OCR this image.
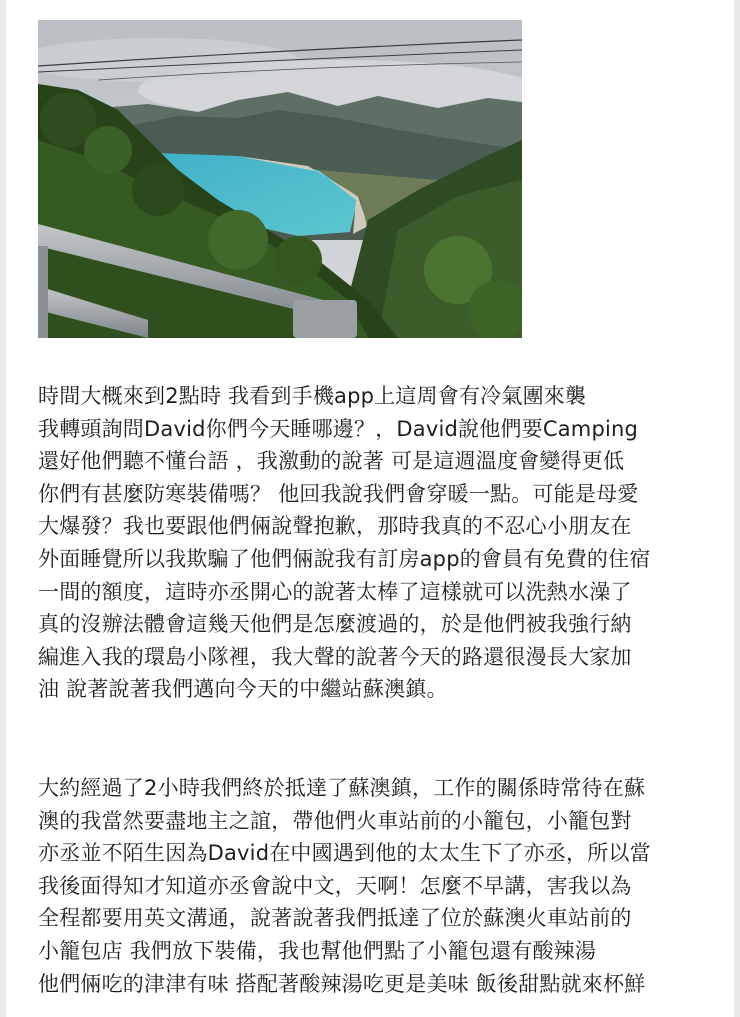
時間大概來到2點時 我看到手機app上這周會有冷氣團來襲
我轉頭詢問David你們今天睡哪邊？，David說他們要Camping
還好他們聽不懂台語 ，我激動的說著 可是這週溫度會變得更低
你們有甚麼防寒裝備嗎？ 他回我說我們會穿暖一點。可能是母愛
大爆發？我也要跟他們倆說聲抱歉，那時我真的不忍心小朋友在
外面睡覺所以我欺騙了他們倆說我有訂房app的會員有免費的住宿
一間的額度，這時亦丞開心的說著太棒了這樣就可以洗熱水澡了
真的沒辦法體會這幾天他們是怎麼渡過的，於是他們被我強行納
編進入我的環島小隊裡，我大聲的說著今天的路還很漫長大家加
油 說著說著我們邁向今天的中繼站蘇澳鎮。
大約經過了2小時我們終於抵達了蘇澳鎮，工作的關係時常待在蘇
澳的我當然要盡地主之誼，帶他們火車站前的小籠包，小籠包對
亦丞並不陌生因為David在中國遇到他的太太生下了亦丞，所以當
我後面得知才知道亦丞會說中文，天啊！怎麼不早講，害我以為
全程都要用英文溝通，說著說著我們抵達了位於蘇澳火車站前的
小籠包店 我們放下裝備，我也幫他們點了小籠包還有酸辣湯
他們倆吃的津津有味 搭配著酸辣湯吃更是美味 飯後甜點就來杯鮮
